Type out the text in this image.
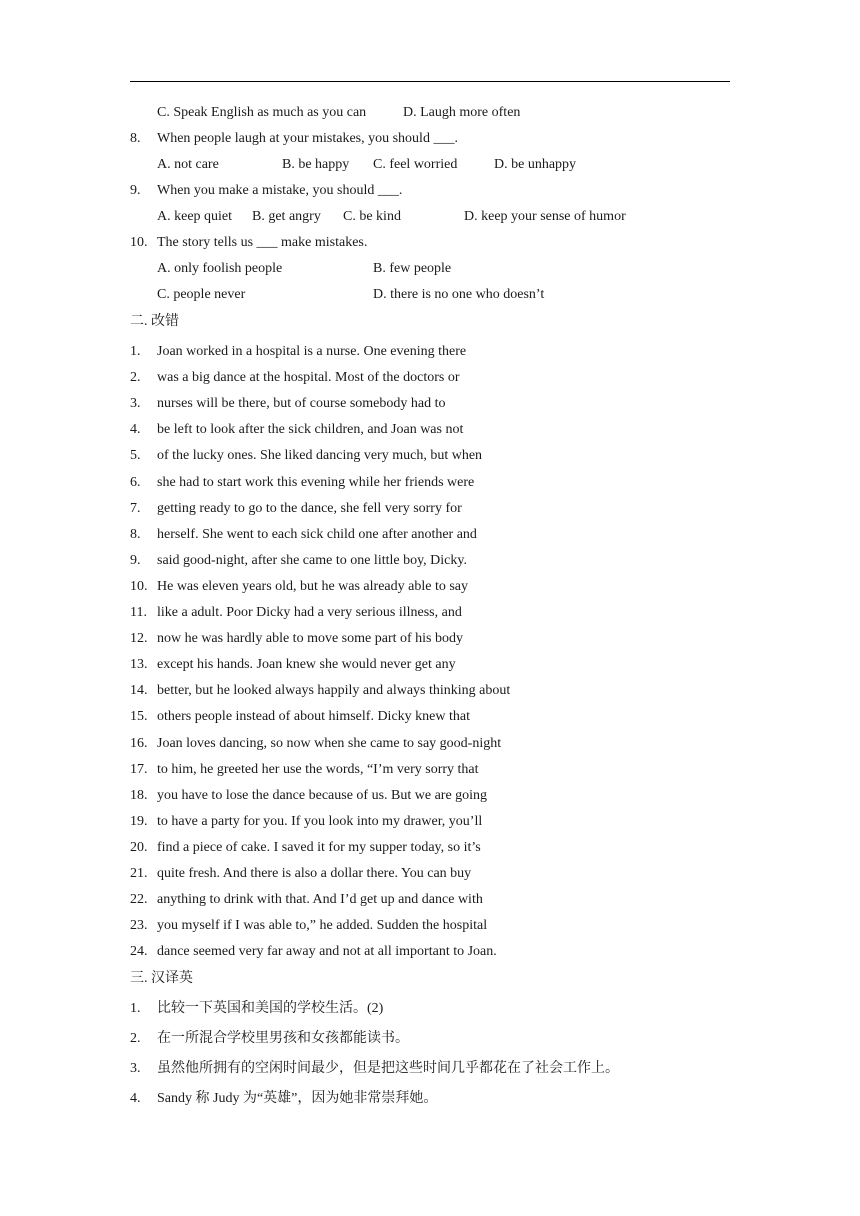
C. Speak English as much as you can	D. Laugh more often
8. When people laugh at your mistakes, you should ___.
A. not care	B. be happy C. feel worried	D. be unhappy
9. When you make a mistake, you should ___.
A. keep quiet B. get angry C. be kind	D. keep your sense of humor
10. The story tells us ___ make mistakes.
A. only foolish people	B. few people
C. people never	D. there is no one who doesn’t
二. 改错
1. Joan worked in a hospital is a nurse. One evening there
2. was a big dance at the hospital. Most of the doctors or
3. nurses will be there, but of course somebody had to
4. be left to look after the sick children, and Joan was not
5. of the lucky ones. She liked dancing very much, but when
6. she had to start work this evening while her friends were
7. getting ready to go to the dance, she fell very sorry for
8. herself. She went to each sick child one after another and
9. said good-night, after she came to one little boy, Dicky.
10. He was eleven years old, but he was already able to say
11. like a adult. Poor Dicky had a very serious illness, and
12. now he was hardly able to move some part of his body
13. except his hands. Joan knew she would never get any
14. better, but he looked always happily and always thinking about
15. others people instead of about himself. Dicky knew that
16. Joan loves dancing, so now when she came to say good-night
17. to him, he greeted her use the words, “I’m very sorry that
18. you have to lose the dance because of us. But we are going
19. to have a party for you. If you look into my drawer, you’ll
20. find a piece of cake. I saved it for my supper today, so it’s
21. quite fresh. And there is also a dollar there. You can buy
22. anything to drink with that. And I’d get up and dance with
23. you myself if I was able to,” he added. Sudden the hospital
24. dance seemed very far away and not at all important to Joan.
三. 汉译英
1. 比较一下英国和美国的学校生活。(2)
2. 在一所混合学校里男孩和女孩都能读书。
3. 虽然他所拥有的空闲时间最少，但是把这些时间几乎都花在了社会工作上。
4. Sandy 称 Judy 为“英雄”，因为她非常崇拜她。
